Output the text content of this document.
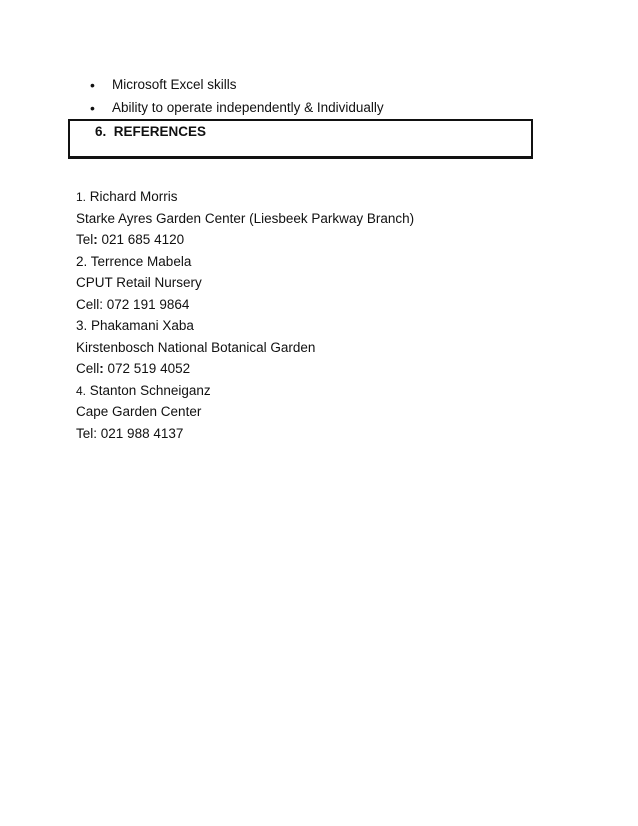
•	Microsoft Excel skills
•	Ability to operate independently & Individually
6. REFERENCES
1. Richard Morris
Starke Ayres Garden Center (Liesbeek Parkway Branch)
Tel: 021 685 4120
2. Terrence Mabela
CPUT Retail Nursery
Cell: 072 191 9864
3. Phakamani Xaba
Kirstenbosch National Botanical Garden
Cell: 072 519 4052
4. Stanton Schneiganz
Cape Garden Center
Tel: 021 988 4137
